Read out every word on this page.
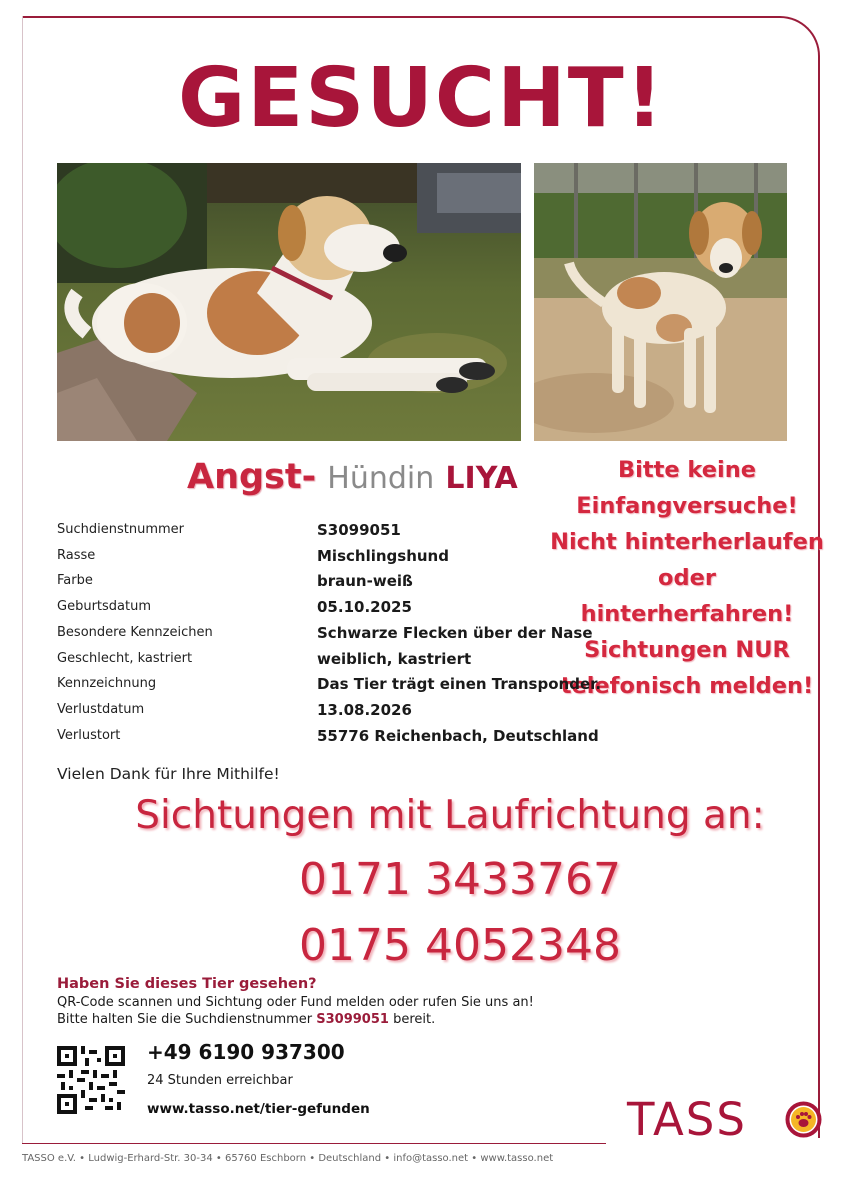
GESUCHT!
Angst- Hündin LIYA	Bitte keine
Einfangversuche!
Nicht hinterherlaufen
oder hinterherfahren!
Sichtungen NUR
telefonisch melden!
Suchdienstnummer	S3099051
Rasse	Mischlingshund
Farbe	braun-weiß
Geburtsdatum	05.10.2025
Besondere Kennzeichen	Schwarze Flecken über der Nase
Geschlecht, kastriert	weiblich, kastriert
Kennzeichnung	Das Tier trägt einen Transponder.
Verlustdatum	13.08.2026
Verlustort	55776 Reichenbach, Deutschland
Vielen Dank für Ihre Mithilfe!
Sichtungen mit Laufrichtung an:
0171 3433767
0175 4052348
Haben Sie dieses Tier gesehen?
QR-Code scannen und Sichtung oder Fund melden oder rufen Sie uns an!
Bitte halten Sie die Suchdienstnummer S3099051 bereit.
+49 6190 937300
24 Stunden erreichbar
www.tasso.net/tier-gefunden	TASS
TASSO e.V. • Ludwig-Erhard-Str. 30-34 • 65760 Eschborn • Deutschland • info@tasso.net • www.tasso.net
